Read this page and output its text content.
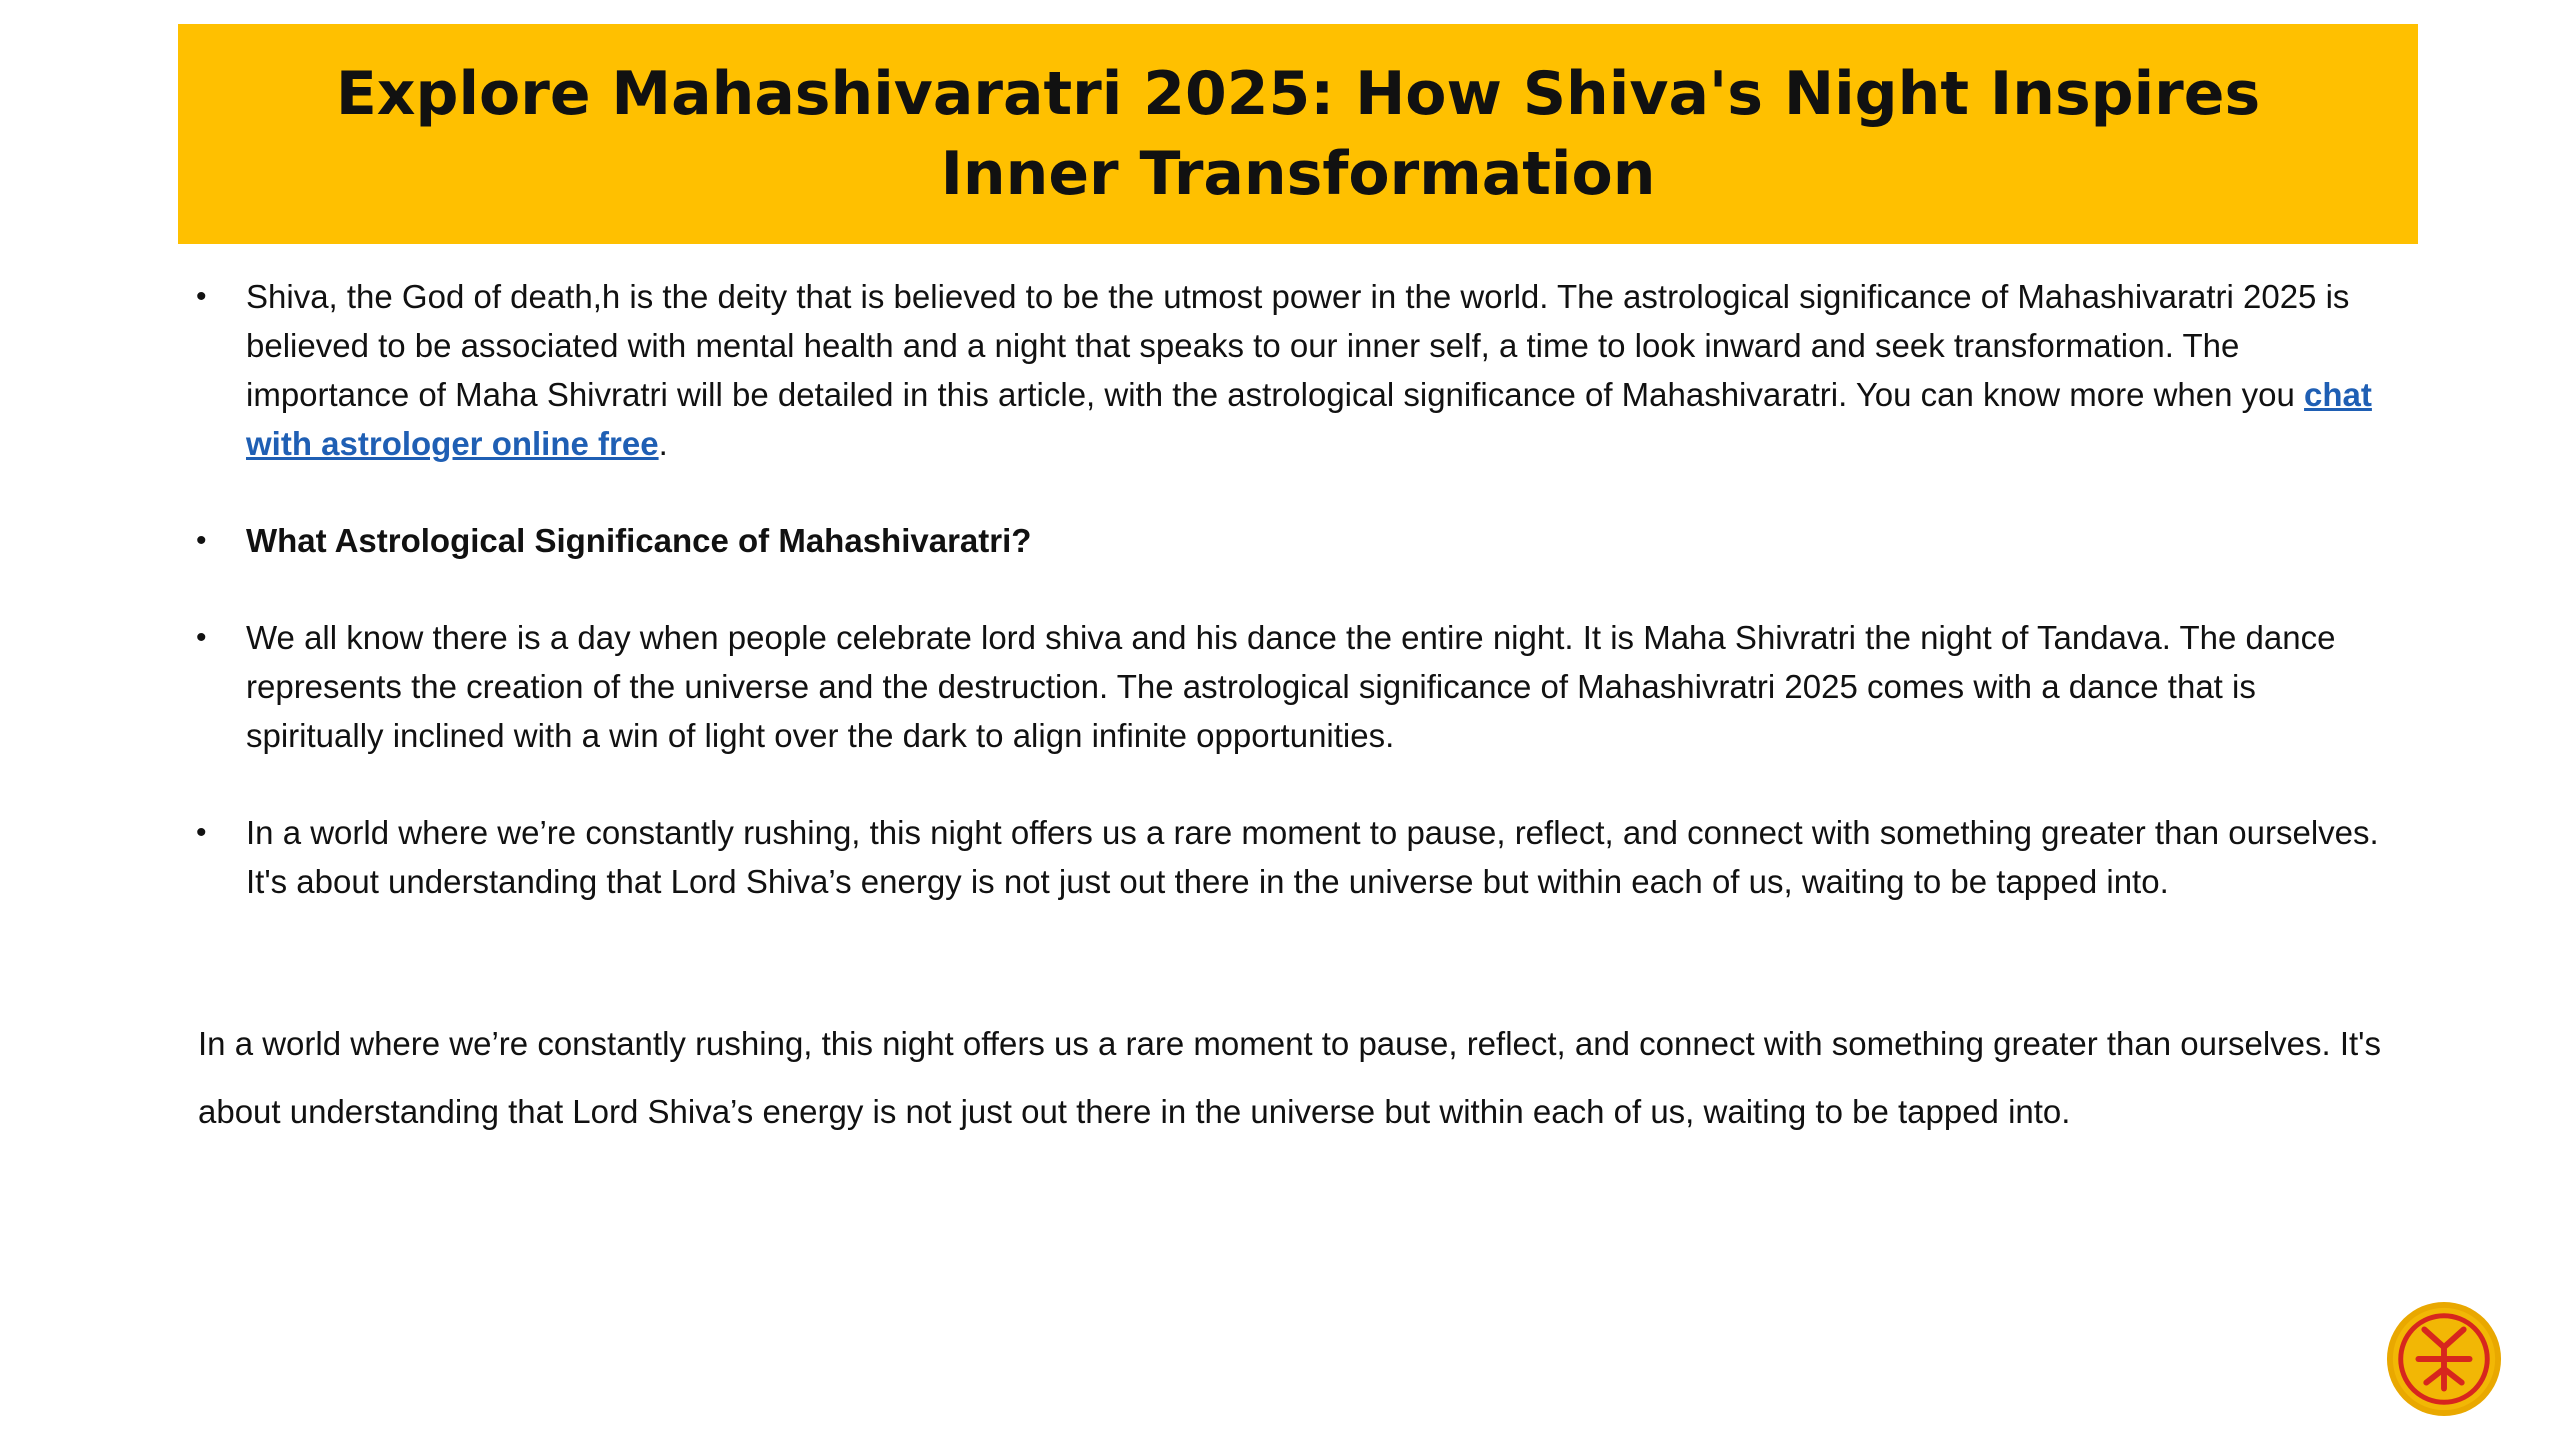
Explore Mahashivaratri 2025: How Shiva's Night Inspires Inner Transformation
• Shiva, the God of death,h is the deity that is believed to be the utmost power in the world. The astrological significance of Mahashivaratri 2025 is believed to be associated with mental health and a night that speaks to our inner self, a time to look inward and seek transformation. The importance of Maha Shivratri will be detailed in this article, with the astrological significance of Mahashivaratri. You can know more when you chat with astrologer online free.
• What Astrological Significance of Mahashivaratri?
• We all know there is a day when people celebrate lord shiva and his dance the entire night. It is Maha Shivratri the night of Tandava. The dance represents the creation of the universe and the destruction. The astrological significance of Mahashivratri 2025 comes with a dance that is spiritually inclined with a win of light over the dark to align infinite opportunities.
• In a world where we’re constantly rushing, this night offers us a rare moment to pause, reflect, and connect with something greater than ourselves. It's about understanding that Lord Shiva’s energy is not just out there in the universe but within each of us, waiting to be tapped into.

In a world where we’re constantly rushing, this night offers us a rare moment to pause, reflect, and connect with something greater than ourselves. It's about understanding that Lord Shiva’s energy is not just out there in the universe but within each of us, waiting to be tapped into.
